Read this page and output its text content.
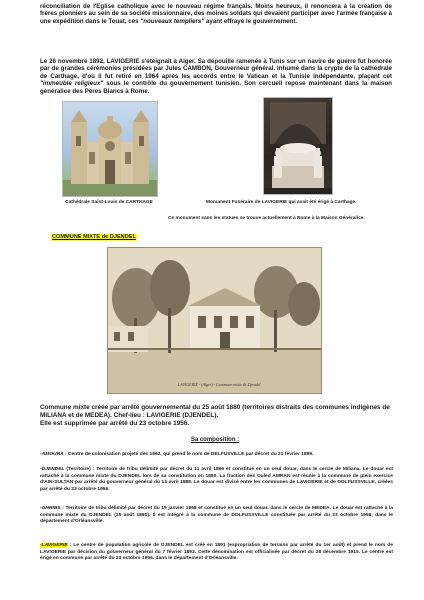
réconciliation de l'Eglise catholique avec le nouveau régime français. Moins heureux, il renoncera à la création de frères pionniers au sein de sa société missionnaire, des moines soldats qui devaient participer avec l'armée française à une expédition dans le Touat, ces "nouveaux templiers" ayant effrayé le gouvernement.
Le 26 novembre 1892, LAVIGERIE s'éteignait à Alger. Sa dépouille ramenée à Tunis sur un navire de guerre fut honorée par de grandes cérémonies présidées par Jules CAMBON, Gouverneur général. Inhumé dans la crypte de la cathédrale de Carthage, d'où il fut retiré en 1964 après les accords entre le Vatican et la Tunisie indépendante, plaçant cet "immeuble religieux" sous le contrôle du gouvernement tunisien. Son cercueil repose maintenant dans la maison généralice des Pères Blancs à Rome.
Cathédrale Saint-Louis de CARTHAGE	Monument Funéraire de LAVIGERIE qui avait été érigé à Carthage.
Ce monument sans les statues se trouve actuellement à Rome à la Maison Généralice.
COMMUNE MIXTE de DJENDEL
LAVIGERIE - (Alger) - Commune mixte de Djendel
Commune mixte créée par arrêté gouvernemental du 25 août 1880 (territoires distraits des communes indigènes de MILIANA et de MEDEA). Chef-lieu : LAVIGERIE (DJENDEL).
Elle est supprimée par arrêté du 23 octobre 1956.
Sa composition :
-AMOURA : Centre de colonisation projeté dès 1862, qui prend le nom de DELFUSVILLE par décret du 21 février 1889.
-DJENDEL (Territoire) : Territoire de tribu délimité par décret du 11 avril 1866 et constitué en un seul douar, dans le cercle de Miliana. Le douar est rattaché à la commune mixte du DJENDEL lors de sa constitution en 1880. La fraction des Ouled AMRAN est réunie à la commune de plein exercice d'AIN-SULTAN par arrêté du gouverneur général du 14 avril 1888. Le douar est divisé entre les communes de LAVIGERIE et de DOLFUSSVILLE, créées par arrêté du 23 octobre 1956.
-GHRIBS : Territoire de tribu délimité par décret du 15 janvier 1868 et constitué en un seul douar, dans le cercle de MEDEA. Le douar est rattaché à la commune mixte du DJENDEL (25 août 1880). Il est intégré à la commune de DOLFUSSVILLE constituée par arrêté du 23 octobre 1956, dans le département d'Orléansville.
-LAVIGERIE : Le centre de population agricole de DJENDEL est créé en 1891 (expropriation de terrains par arrêté du 1er août) et prend le nom de LAVIGERIE par décision du gouverneur général du 7 février 1893. Cette dénomination est officialisée par décret du 28 décembre 1915. Le centre est érigé en commune par arrêté du 23 octobre 1956, dans le département d'Orléansville.
